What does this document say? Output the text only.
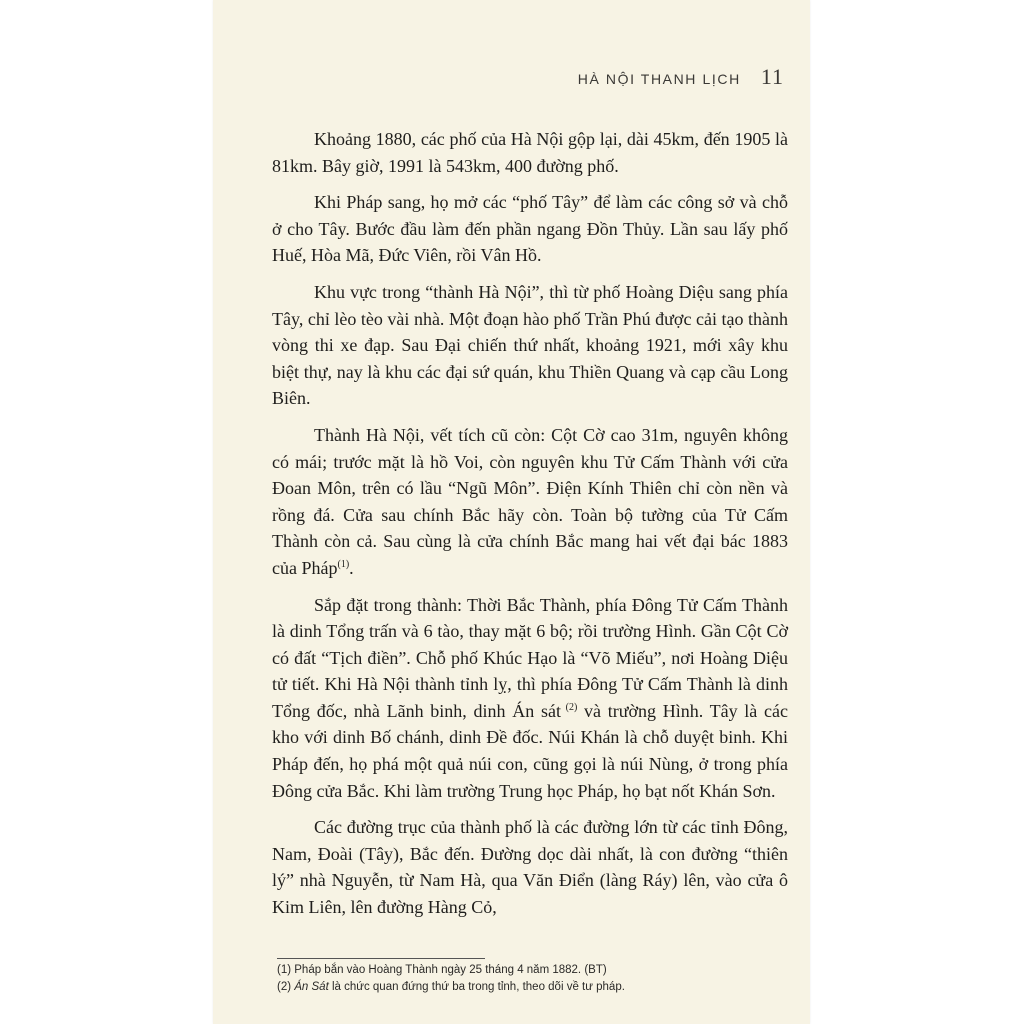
HÀ NỘI THANH LỊCH 11

Khoảng 1880, các phố của Hà Nội gộp lại, dài 45km, đến 1905 là 81km. Bây giờ, 1991 là 543km, 400 đường phố.

Khi Pháp sang, họ mở các “phố Tây” để làm các công sở và chỗ ở cho Tây. Bước đầu làm đến phần ngang Đồn Thủy. Lần sau lấy phố Huế, Hòa Mã, Đức Viên, rồi Vân Hồ.

Khu vực trong “thành Hà Nội”, thì từ phố Hoàng Diệu sang phía Tây, chỉ lèo tèo vài nhà. Một đoạn hào phố Trần Phú được cải tạo thành vòng thi xe đạp. Sau Đại chiến thứ nhất, khoảng 1921, mới xây khu biệt thự, nay là khu các đại sứ quán, khu Thiền Quang và cạp cầu Long Biên.

Thành Hà Nội, vết tích cũ còn: Cột Cờ cao 31m, nguyên không có mái; trước mặt là hồ Voi, còn nguyên khu Tử Cấm Thành với cửa Đoan Môn, trên có lầu “Ngũ Môn”. Điện Kính Thiên chỉ còn nền và rồng đá. Cửa sau chính Bắc hãy còn. Toàn bộ tường của Tử Cấm Thành còn cả. Sau cùng là cửa chính Bắc mang hai vết đại bác 1883 của Pháp$^{(1)}$.

Sắp đặt trong thành: Thời Bắc Thành, phía Đông Tử Cấm Thành là dinh Tổng trấn và 6 tào, thay mặt 6 bộ; rồi trường Hình. Gần Cột Cờ có đất “Tịch điền”. Chỗ phố Khúc Hạo là “Võ Miếu”, nơi Hoàng Diệu tử tiết. Khi Hà Nội thành tỉnh lỵ, thì phía Đông Tử Cấm Thành là dinh Tổng đốc, nhà Lãnh binh, dinh Án sát $^{(2)}$ và trường Hình. Tây là các kho với dinh Bố chánh, dinh Đề đốc. Núi Khán là chỗ duyệt binh. Khi Pháp đến, họ phá một quả núi con, cũng gọi là núi Nùng, ở trong phía Đông cửa Bắc. Khi làm trường Trung học Pháp, họ bạt nốt Khán Sơn.

Các đường trục của thành phố là các đường lớn từ các tỉnh Đông, Nam, Đoài (Tây), Bắc đến. Đường dọc dài nhất, là con đường “thiên lý” nhà Nguyễn, từ Nam Hà, qua Văn Điển (làng Ráy) lên, vào cửa ô Kim Liên, lên đường Hàng Cỏ,

(1) Pháp bắn vào Hoàng Thành ngày 25 tháng 4 năm 1882. (BT)

(2) Án Sát là chức quan đứng thứ ba trong tỉnh, theo dõi về tư pháp.
